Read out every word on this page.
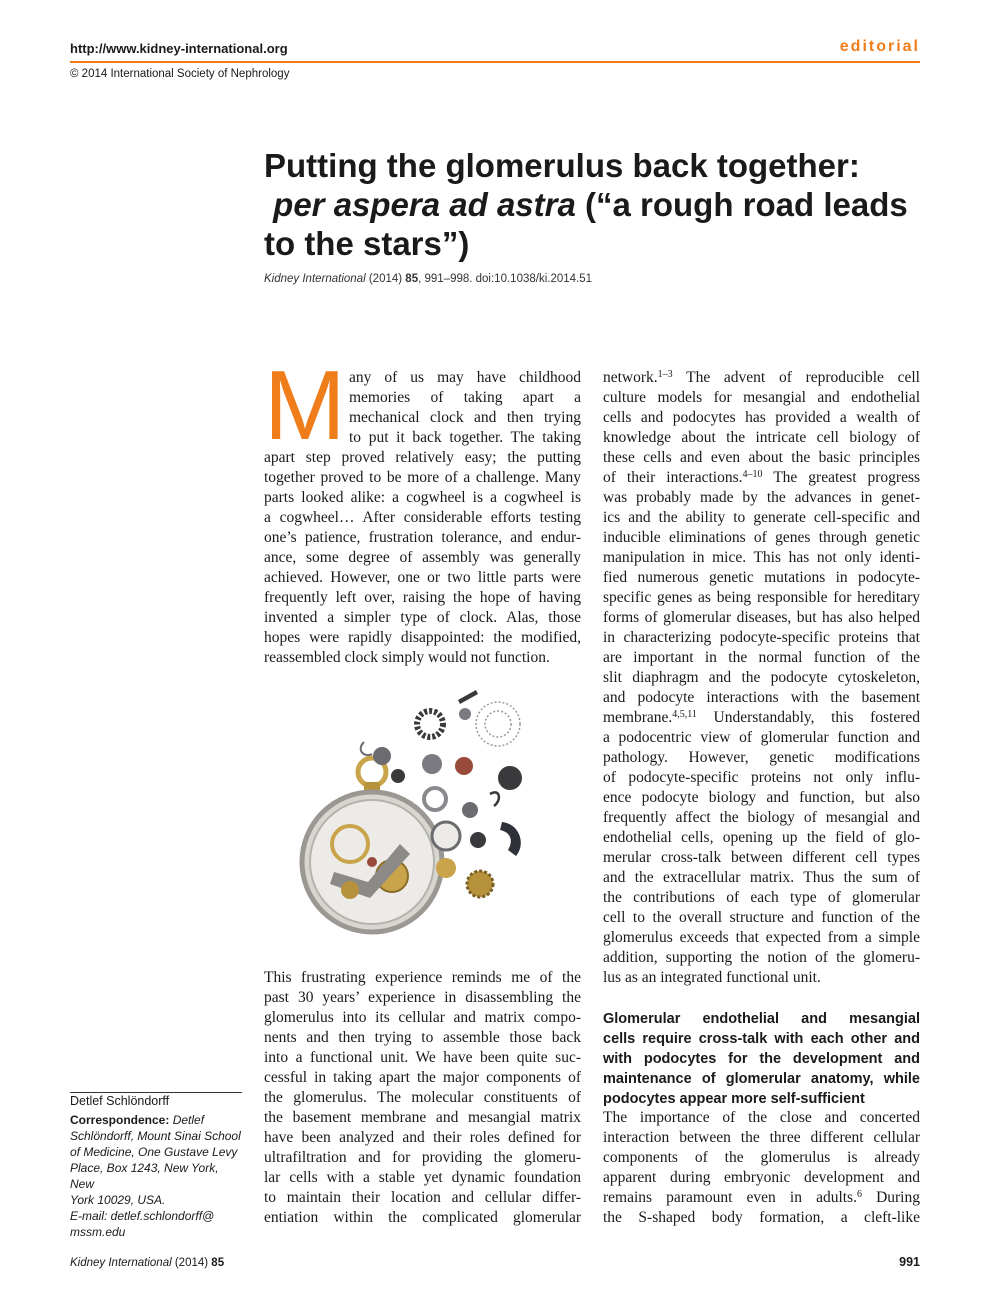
http://www.kidney-international.org	editorial
© 2014 International Society of Nephrology
Putting the glomerulus back together:
per aspera ad astra (“a rough road leads
to the stars”)
Kidney International (2014) 85, 991–998. doi:10.1038/ki.2014.51
M any of us may have childhood
memories of taking apart a
mechanical clock and then trying
to put it back together. The taking
apart step proved relatively easy; the putting
together proved to be more of a challenge. Many
parts looked alike: a cogwheel is a cogwheel is
a cogwheel… After considerable efforts testing
one’s patience, frustration tolerance, and endur-
ance, some degree of assembly was generally
achieved. However, one or two little parts were
frequently left over, raising the hope of having
invented a simpler type of clock. Alas, those
hopes were rapidly disappointed: the modified,
reassembled clock simply would not function.
This frustrating experience reminds me of the
past 30 years’ experience in disassembling the
glomerulus into its cellular and matrix compo-
nents and then trying to assemble those back
into a functional unit. We have been quite suc-
cessful in taking apart the major components of
the glomerulus. The molecular constituents of
the basement membrane and mesangial matrix
have been analyzed and their roles defined for
ultrafiltration and for providing the glomeru-
lar cells with a stable yet dynamic foundation
to maintain their location and cellular differ-
entiation within the complicated glomerular
network.$^{1-3}$ The advent of reproducible cell
culture models for mesangial and endothelial
cells and podocytes has provided a wealth of
knowledge about the intricate cell biology of
these cells and even about the basic principles
of their interactions.$^{4-10}$ The greatest progress
was probably made by the advances in genet-
ics and the ability to generate cell-specific and
inducible eliminations of genes through genetic
manipulation in mice. This has not only identi-
fied numerous genetic mutations in podocyte-
specific genes as being responsible for hereditary
forms of glomerular diseases, but has also helped
in characterizing podocyte-specific proteins that
are important in the normal function of the
slit diaphragm and the podocyte cytoskeleton,
and podocyte interactions with the basement
membrane.$^{4,5,11}$ Understandably, this fostered
a podocentric view of glomerular function and
pathology. However, genetic modifications
of podocyte-specific proteins not only influ-
ence podocyte biology and function, but also
frequently affect the biology of mesangial and
endothelial cells, opening up the field of glo-
merular cross-talk between different cell types
and the extracellular matrix. Thus the sum of
the contributions of each type of glomerular
cell to the overall structure and function of the
glomerulus exceeds that expected from a simple
addition, supporting the notion of the glomeru-
lus as an integrated functional unit.
Glomerular endothelial and mesangial
cells require cross-talk with each other and
with podocytes for the development and
maintenance of glomerular anatomy, while
podocytes appear more self-sufficient
The importance of the close and concerted
interaction between the three different cellular
components of the glomerulus is already
apparent during embryonic development and
remains paramount even in adults.$^6$ During
the S-shaped body formation, a cleft-like
Detlef Schlöndorff
Correspondence: Detlef
Schlöndorff, Mount Sinai School
of Medicine, One Gustave Levy
Place, Box 1243, New York, New
York 10029, USA.
E-mail: detlef.schlondorff@
mssm.edu
Kidney International (2014) 85	991
